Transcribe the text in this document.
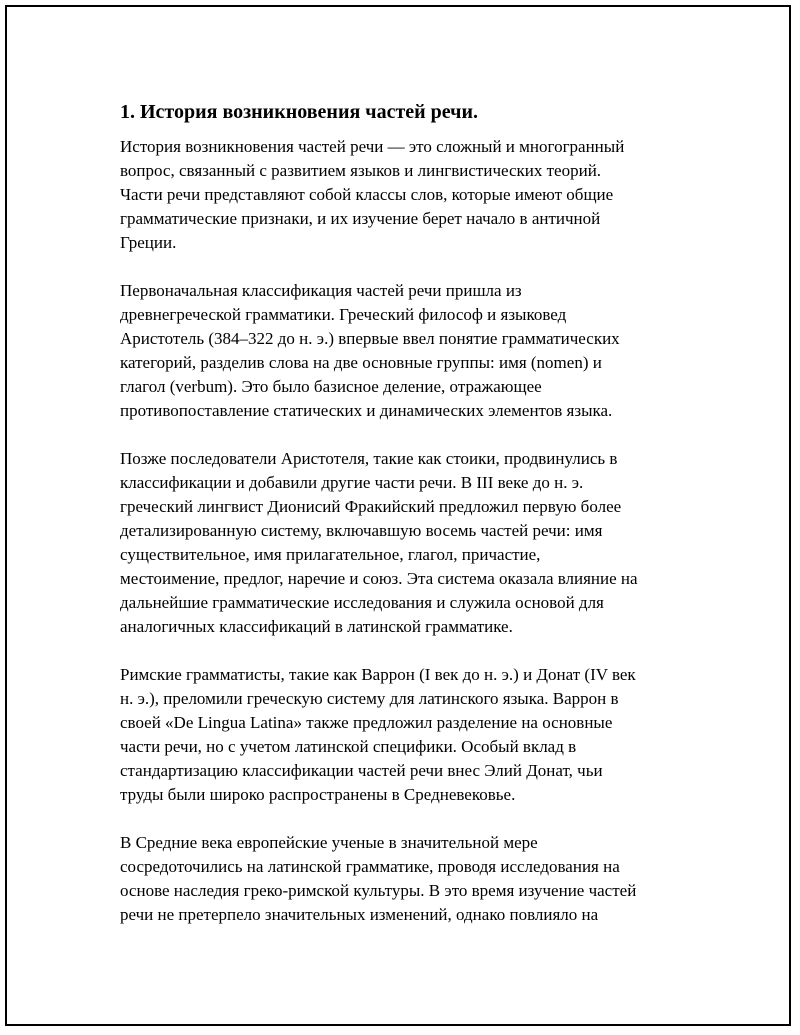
1. История возникновения частей речи.

История возникновения частей речи — это сложный и многогранный
вопрос, связанный с развитием языков и лингвистических теорий.
Части речи представляют собой классы слов, которые имеют общие
грамматические признаки, и их изучение берет начало в античной
Греции.

Первоначальная классификация частей речи пришла из
древнегреческой грамматики. Греческий философ и языковед
Аристотель (384–322 до н. э.) впервые ввел понятие грамматических
категорий, разделив слова на две основные группы: имя (nomen) и
глагол (verbum). Это было базисное деление, отражающее
противопоставление статических и динамических элементов языка.

Позже последователи Аристотеля, такие как стоики, продвинулись в
классификации и добавили другие части речи. В III веке до н. э.
греческий лингвист Дионисий Фракийский предложил первую более
детализированную систему, включавшую восемь частей речи: имя
существительное, имя прилагательное, глагол, причастие,
местоимение, предлог, наречие и союз. Эта система оказала влияние на
дальнейшие грамматические исследования и служила основой для
аналогичных классификаций в латинской грамматике.

Римские грамматисты, такие как Варрон (I век до н. э.) и Донат (IV век
н. э.), преломили греческую систему для латинского языка. Варрон в
своей «De Lingua Latina» также предложил разделение на основные
части речи, но с учетом латинской специфики. Особый вклад в
стандартизацию классификации частей речи внес Элий Донат, чьи
труды были широко распространены в Средневековье.

В Средние века европейские ученые в значительной мере
сосредоточились на латинской грамматике, проводя исследования на
основе наследия греко-римской культуры. В это время изучение частей
речи не претерпело значительных изменений, однако повлияло на
